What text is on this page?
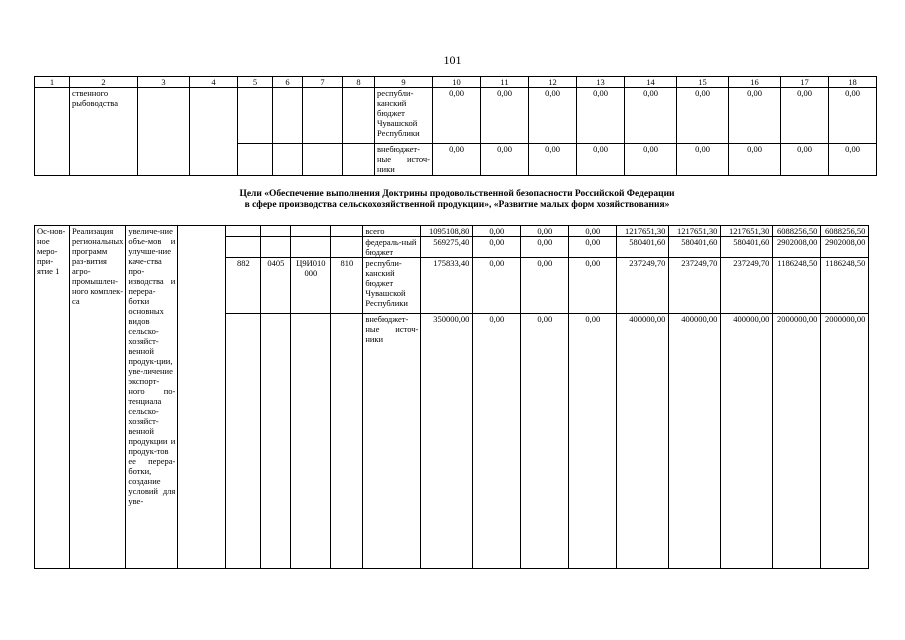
101
1	2	3	4	5	6	7	8	9	10	11	12	13	14	15	16	17	18
	ственного рыбоводства							республи-канский бюджет Чувашской Республики	0,00	0,00	0,00	0,00	0,00	0,00	0,00	0,00	0,00
								внебюджет-ные источ-ники	0,00	0,00	0,00	0,00	0,00	0,00	0,00	0,00	0,00
Цели «Обеспечение выполнения Доктрины продовольственной безопасности Российской Федерации
в сфере производства сельскохозяйственной продукции», «Развитие малых форм хозяйствования»
Ос-нов-ное меро-при-ятие 1	Реализация региональных программ раз-вития агро-промышлен-ного комплек-са	увеличе-ние объе-мов и улучше-ние каче-ства про-изводства и перера-ботки основных видов сельско-хозяйст-венной продук-ции, уве-личение экспорт-ного по-тенциала сельско-хозяйст-венной продукции и продук-тов ее перера-ботки, создание условий для уве-						всего	1095108,80	0,00	0,00	0,00	1217651,30	1217651,30	1217651,30	6088256,50	6088256,50
								федераль-ный бюджет	569275,40	0,00	0,00	0,00	580401,60	580401,60	580401,60	2902008,00	2902008,00
				882	0405	Ц9И010 000	810	республи-канский бюджет Чувашской Республики	175833,40	0,00	0,00	0,00	237249,70	237249,70	237249,70	1186248,50	1186248,50
								внебюджет-ные источ-ники	350000,00	0,00	0,00	0,00	400000,00	400000,00	400000,00	2000000,00	2000000,00
